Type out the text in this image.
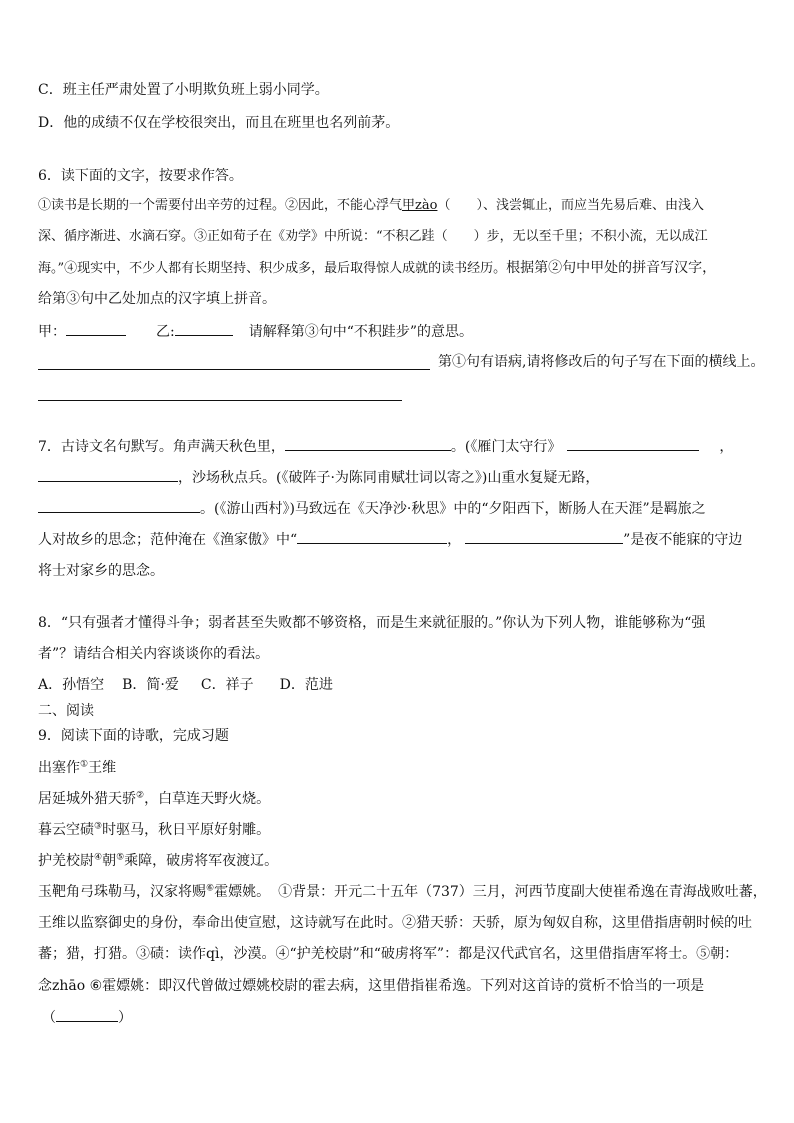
C．班主任严肃处置了小明欺负班上弱小同学。
D．他的成绩不仅在学校很突出，而且在班里也名列前茅。
6．读下面的文字，按要求作答。
①读书是长期的一个需要付出辛劳的过程。②因此，不能心浮气甲zào（　　）、浅尝辄止，而应当先易后难、由浅入
深、循序渐进、水滴石穿。③正如荀子在《劝学》中所说：“不积乙跬（　　）步，无以至千里；不积小流，无以成江
海。”④现实中，不少人都有长期坚持、积少成多，最后取得惊人成就的读书经历。根据第②句中甲处的拼音写汉字，
给第③句中乙处加点的汉字填上拼音。
甲：	乙:	请解释第③句中“不积跬步”的意思。
第①句有语病,请将修改后的句子写在下面的横线上。
7．古诗文名句默写。角声满天秋色里，	。(《雁门太守行》	，
，沙场秋点兵。(《破阵子·为陈同甫赋壮词以寄之》)山重水复疑无路，
。(《游山西村》)马致远在《天净沙·秋思》中的“夕阳西下，断肠人在天涯”是羁旅之
人对故乡的思念；范仲淹在《渔家傲》中“	，	”是夜不能寐的守边
将士对家乡的思念。
8．“只有强者才懂得斗争；弱者甚至失败都不够资格，而是生来就征服的。”你认为下列人物，谁能够称为“强
者”？请结合相关内容谈谈你的看法。
A．孙悟空 B．简·爱 C．祥子 D．范进
二、阅读
9．阅读下面的诗歌，完成习题
出塞作①王维
居延城外猎天骄②，白草连天野火烧。
暮云空碛③时驱马，秋日平原好射雕。
护羌校尉④朝⑤乘障，破虏将军夜渡辽。
玉靶角弓珠勒马，汉家将赐⑥霍嫖姚。 ①背景：开元二十五年（737）三月，河西节度副大使崔希逸在青海战败吐蕃，
王维以监察御史的身份，奉命出使宣慰，这诗就写在此时。②猎天骄：天骄，原为匈奴自称，这里借指唐朝时候的吐
蕃；猎，打猎。③碛：读作qì，沙漠。④“护羌校尉”和“破虏将军”：都是汉代武官名，这里借指唐军将士。⑤朝：
念zhāo ⑥霍嫖姚：即汉代曾做过嫖姚校尉的霍去病，这里借指崔希逸。下列对这首诗的赏析不恰当的一项是
（	）
